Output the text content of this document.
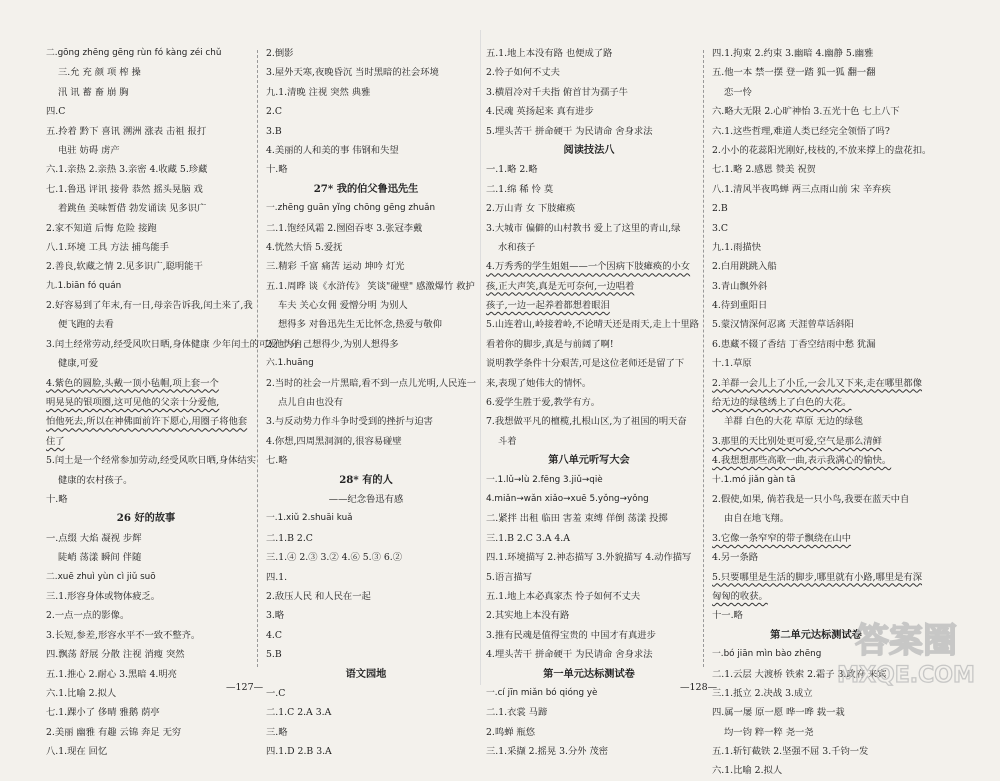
二.gōng zhēng gēng rùn fó kàng zéi chǔ
三.允 充 颜 项 榨 操
汛 讯 蓄 畜 崩 胸
四.C
五.拎着 黔下 喜讯 溯洲 涨表 击祖 报打
电驻 妨碍 虏产
六.1.亲热 2.亲热 3.亲密 4.收藏 5.珍藏
七.1.鲁迅 评讯 接骨 恭然 摇头晃脑 戏
着跳鱼 美味暂借 勃发诵读 见多识广
2.家不知道 后悔 危险 接跑
八.1.环境 工具 方法 捕鸟能手
2.善良,软藏之情 2.见多识广,聪明能干
九.1.biān fó quán
2.好容易到了年末,有一日,母亲告诉我,闰土来了,我
便飞跑的去看
3.闰土经常劳动,经受风吹日晒,身体健康 少年闰土的可爱 十分
健康,可爱
4.紫色的圆脸,头戴一顶小毡帽,项上套一个
明晃晃的银项圈,这可见他的父亲十分爱他,
怕他死去,所以在神佛面前许下愿心,用圈子将他套
住了
5.闰土是一个经常参加劳动,经受风吹日晒,身体结实
健康的农村孩子。
十.略
26 好的故事
一.点缀 大焰 凝视 步辉
陡峭 荡漾 瞬间 伴随
二.xuē zhuì yùn cì jiǔ suō
三.1.形容身体或物体疲乏。
2.一点一点的影像。
3.长短,参差,形容水平不一致不整齐。
四.飘荡 舒展 分散 注视 消瘦 突然
五.1.推心 2.耐心 3.黑暗 4.明亮
六.1.比喻 2.拟人
七.1.踝小了 侈晴 雅鹅 荫亭
2.美丽 幽雅 有趣 云锦 奔足 无穷
八.1.现在 回忆
2.倒影
3.屋外天寒,夜晚昏沉 当时黑暗的社会环境
九.1.清晚 注视 突然 典雅
2.C
3.B
4.美丽的人和美的事 伟钢和失望
十.略
27* 我的伯父鲁迅先生
一.zhēng guān yǐng chōng gēng zhuǎn
二.1.饱经风霜 2.囫囵吞枣 3.张冠李戴
4.恍然大悟 5.爱抚
三.精彩 千富 痛苦 运动 坤吟 灯光
五.1.周晔 谈《水浒传》 笑谈"碰壁" 感激爆竹 救护
车夫 关心女佣 爱憎分明 为别人
想得多 对鲁迅先生无比怀念,热爱与敬仰
2.他为自己想得少,为别人想得多
六.1.huāng
2.当时的社会一片黑暗,看不到一点儿光明,人民连一
点儿自由也没有
3.与反动势力作斗争时受到的挫折与迫害
4.你想,四周黑洞洞的,很容易碰壁
七.略
28* 有的人
——纪念鲁迅有感
一.1.xiǔ 2.shuāi kuǎ
二.1.B 2.C
三.1.④ 2.③ 3.② 4.⑥ 5.③ 6.②
四.1.
2.敌压人民 和人民在一起
3.略
4.C
5.B
语文园地
一.C
二.1.C 2.A 3.A
三.略
四.1.D 2.B 3.A
五.1.地上本没有路 也便成了路
2.怜子如何不丈夫
3.横眉冷对千夫指 俯首甘为孺子牛
4.民魂 英扬起来 真有进步
5.埋头苦干 拼命硬干 为民请命 舍身求法
阅读技法八
一.1.略 2.略
二.1.绵 稀 怜 莫
2.万山青 女 下肢瘫痪
3.大城市 偏僻的山村教书 爱上了这里的青山,绿
水和孩子
4.万秀秀的学生姐姐——一个因病下肢瘫痪的小女
孩,正大声笑,真是无可奈何,一边唱着
孩子,一边一起养着都想着眼泪
5.山连着山,岭接着岭,不论晴天还是雨天,走上十里路
看着你的脚步,真是与前阔了啊!
说明教学条件十分艰苦,可是这位老师还是留了下
来,表现了她伟大的情怀。
6.爱学生胜于爱,教学有方。
7.我想做平凡的檀榄,扎根山区,为了祖国的明天奋
斗着
第八单元听写大会
一.1.lǔ→lù 2.fēng 3.jiǔ→qiè
4.miǎn→wǎn xiǎo→xuē 5.yǒng→yǒng
二.紧拌 出租 临田 害羞 束缚 佯倒 荡漾 投掷
三.1.B 2.C 3.A 4.A
四.1.环境描写 2.神态描写 3.外貌描写 4.动作描写
5.语言描写
五.1.地上本必真家杰 怜子如何不丈夫
2.其实地上本没有路
3.推有民魂是值得宝贵的 中国才有真进步
4.埋头苦干 拼命硬干 为民请命 舍身求法
第一单元达标测试卷
一.cí jīn miǎn bó qióng yè
二.1.衣裳 马蹄
2.鸣蝉 瓶悠
三.1.采撷 2.摇晃 3.分外 茂密
四.1.拘束 2.约束 3.幽暗 4.幽静 5.幽雅
五.他一本 禁一摆 登一踏 狐一狐 翻一翻
恋一怜
六.略大无限 2.心旷神怡 3.五光十色 七上八下
六.1.这些哲理,难道人类已经完全领悟了吗?
2.小小的花蕊阳光刚好,枝枝的,不放来撑上的盘花扣。
七.1.略 2.感恩 赞美 祝贺
八.1.清风半夜鸣蝉 两三点雨山前 宋 辛弃疾
2.B
3.C
九.1.雨描快
2.白用跳跳入船
3.青山飘外斜
4.待到重阳日
5.蒙汉情深何忍离 天涯曾草话斜阳
6.患藏不辍了香结 丁香空结雨中愁 犹漏
十.1.草原
2.羊群一会儿上了小丘,一会儿又下来,走在哪里都像
给无边的绿毯绣上了白色的大花。
羊群 白色的大花 草原 无边的绿毯
3.那里的天比别处更可爱,空气是那么清鲜
4.我想想那些高歌一曲,表示我满心的愉快。
十.1.mó jiǎn gàn tā
2.假使,如果, 倘若我是一只小鸟,我要在蓝天中自
由自在地飞翔。
3.它像一条窄窄的带子飘绕在山中
4.另一条路
5.只要哪里是生活的脚步,哪里就有小路,哪里是有深
匈匈的收获。
十一.略
第二单元达标测试卷
一.bó jiān mìn bào zhēng
二.1.云层 大渡桥 铁索 2.霜子 3.政府 来宾
三.1.抵立 2.决战 3.成立
四.属一屡 原一愿 哗一哗 载一栽
均一钧 粹一粹 尧一尧
五.1.斩钉截铁 2.坚强不屈 3.千钧一发
六.1.比喻 2.拟人
—127—	—128—
答案圈
MXQE.COM
